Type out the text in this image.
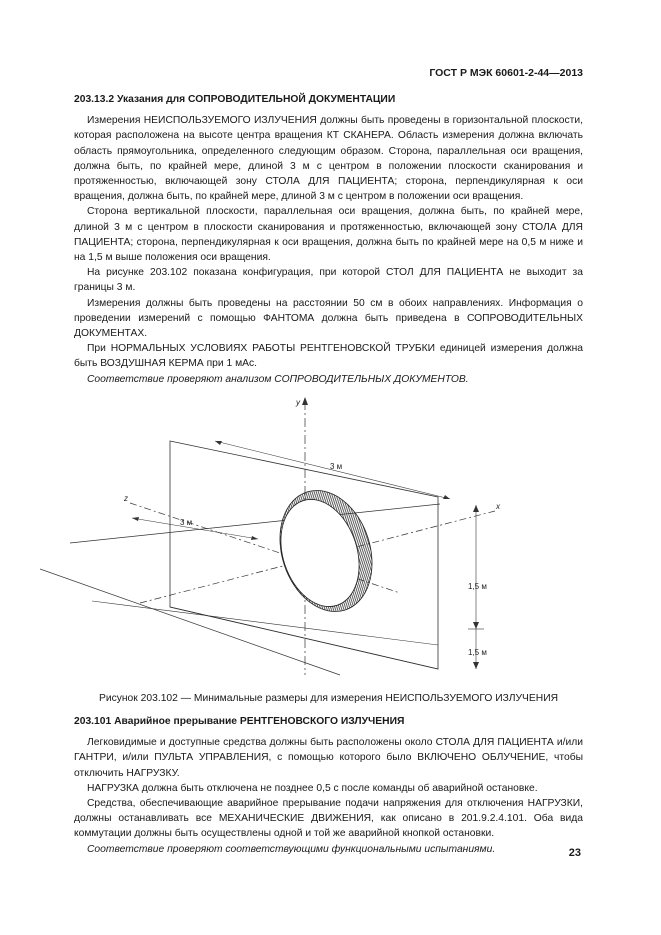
ГОСТ Р МЭК 60601-2-44—2013
203.13.2 Указания для СОПРОВОДИТЕЛЬНОЙ ДОКУМЕНТАЦИИ

Измерения НЕИСПОЛЬЗУЕМОГО ИЗЛУЧЕНИЯ должны быть проведены в горизонтальной плоскости, которая расположена на высоте центра вращения КТ СКАНЕРА. Область измерения должна включать область прямоугольника, определенного следующим образом. Сторона, параллельная оси вращения, должна быть, по крайней мере, длиной 3 м с центром в положении плоскости сканирования и протяженностью, включающей зону СТОЛА ДЛЯ ПАЦИЕНТА; сторона, перпендикулярная к оси вращения, должна быть, по крайней мере, длиной 3 м с центром в положении оси вращения.

Сторона вертикальной плоскости, параллельная оси вращения, должна быть, по крайней мере, длиной 3 м с центром в плоскости сканирования и протяженностью, включающей зону СТОЛА ДЛЯ ПАЦИЕНТА; сторона, перпендикулярная к оси вращения, должна быть по крайней мере на 0,5 м ниже и на 1,5 м выше положения оси вращения.

На рисунке 203.102 показана конфигурация, при которой СТОЛ ДЛЯ ПАЦИЕНТА не выходит за границы 3 м.

Измерения должны быть проведены на расстоянии 50 см в обоих направлениях. Информация о проведении измерений с помощью ФАНТОМА должна быть приведена в СОПРОВОДИТЕЛЬНЫХ ДОКУМЕНТАХ.

При НОРМАЛЬНЫХ УСЛОВИЯХ РАБОТЫ РЕНТГЕНОВСКОЙ ТРУБКИ единицей измерения должна быть ВОЗДУШНАЯ КЕРМА при 1 мАс.

Соответствие проверяют анализом СОПРОВОДИТЕЛЬНЫХ ДОКУМЕНТОВ.

3 м
3 м
1,5 м
1,5 м
y
x
z
Рисунок 203.102 — Минимальные размеры для измерения НЕИСПОЛЬЗУЕМОГО ИЗЛУЧЕНИЯ
203.101 Аварийное прерывание РЕНТГЕНОВСКОГО ИЗЛУЧЕНИЯ

Легковидимые и доступные средства должны быть расположены около СТОЛА ДЛЯ ПАЦИЕНТА и/или ГАНТРИ, и/или ПУЛЬТА УПРАВЛЕНИЯ, с помощью которого было ВКЛЮЧЕНО ОБЛУЧЕНИЕ, чтобы отключить НАГРУЗКУ.

НАГРУЗКА должна быть отключена не позднее 0,5 с после команды об аварийной остановке.

Средства, обеспечивающие аварийное прерывание подачи напряжения для отключения НАГРУЗКИ, должны останавливать все МЕХАНИЧЕСКИЕ ДВИЖЕНИЯ, как описано в 201.9.2.4.101. Оба вида коммутации должны быть осуществлены одной и той же аварийной кнопкой остановки.

Соответствие проверяют соответствующими функциональными испытаниями.	23
